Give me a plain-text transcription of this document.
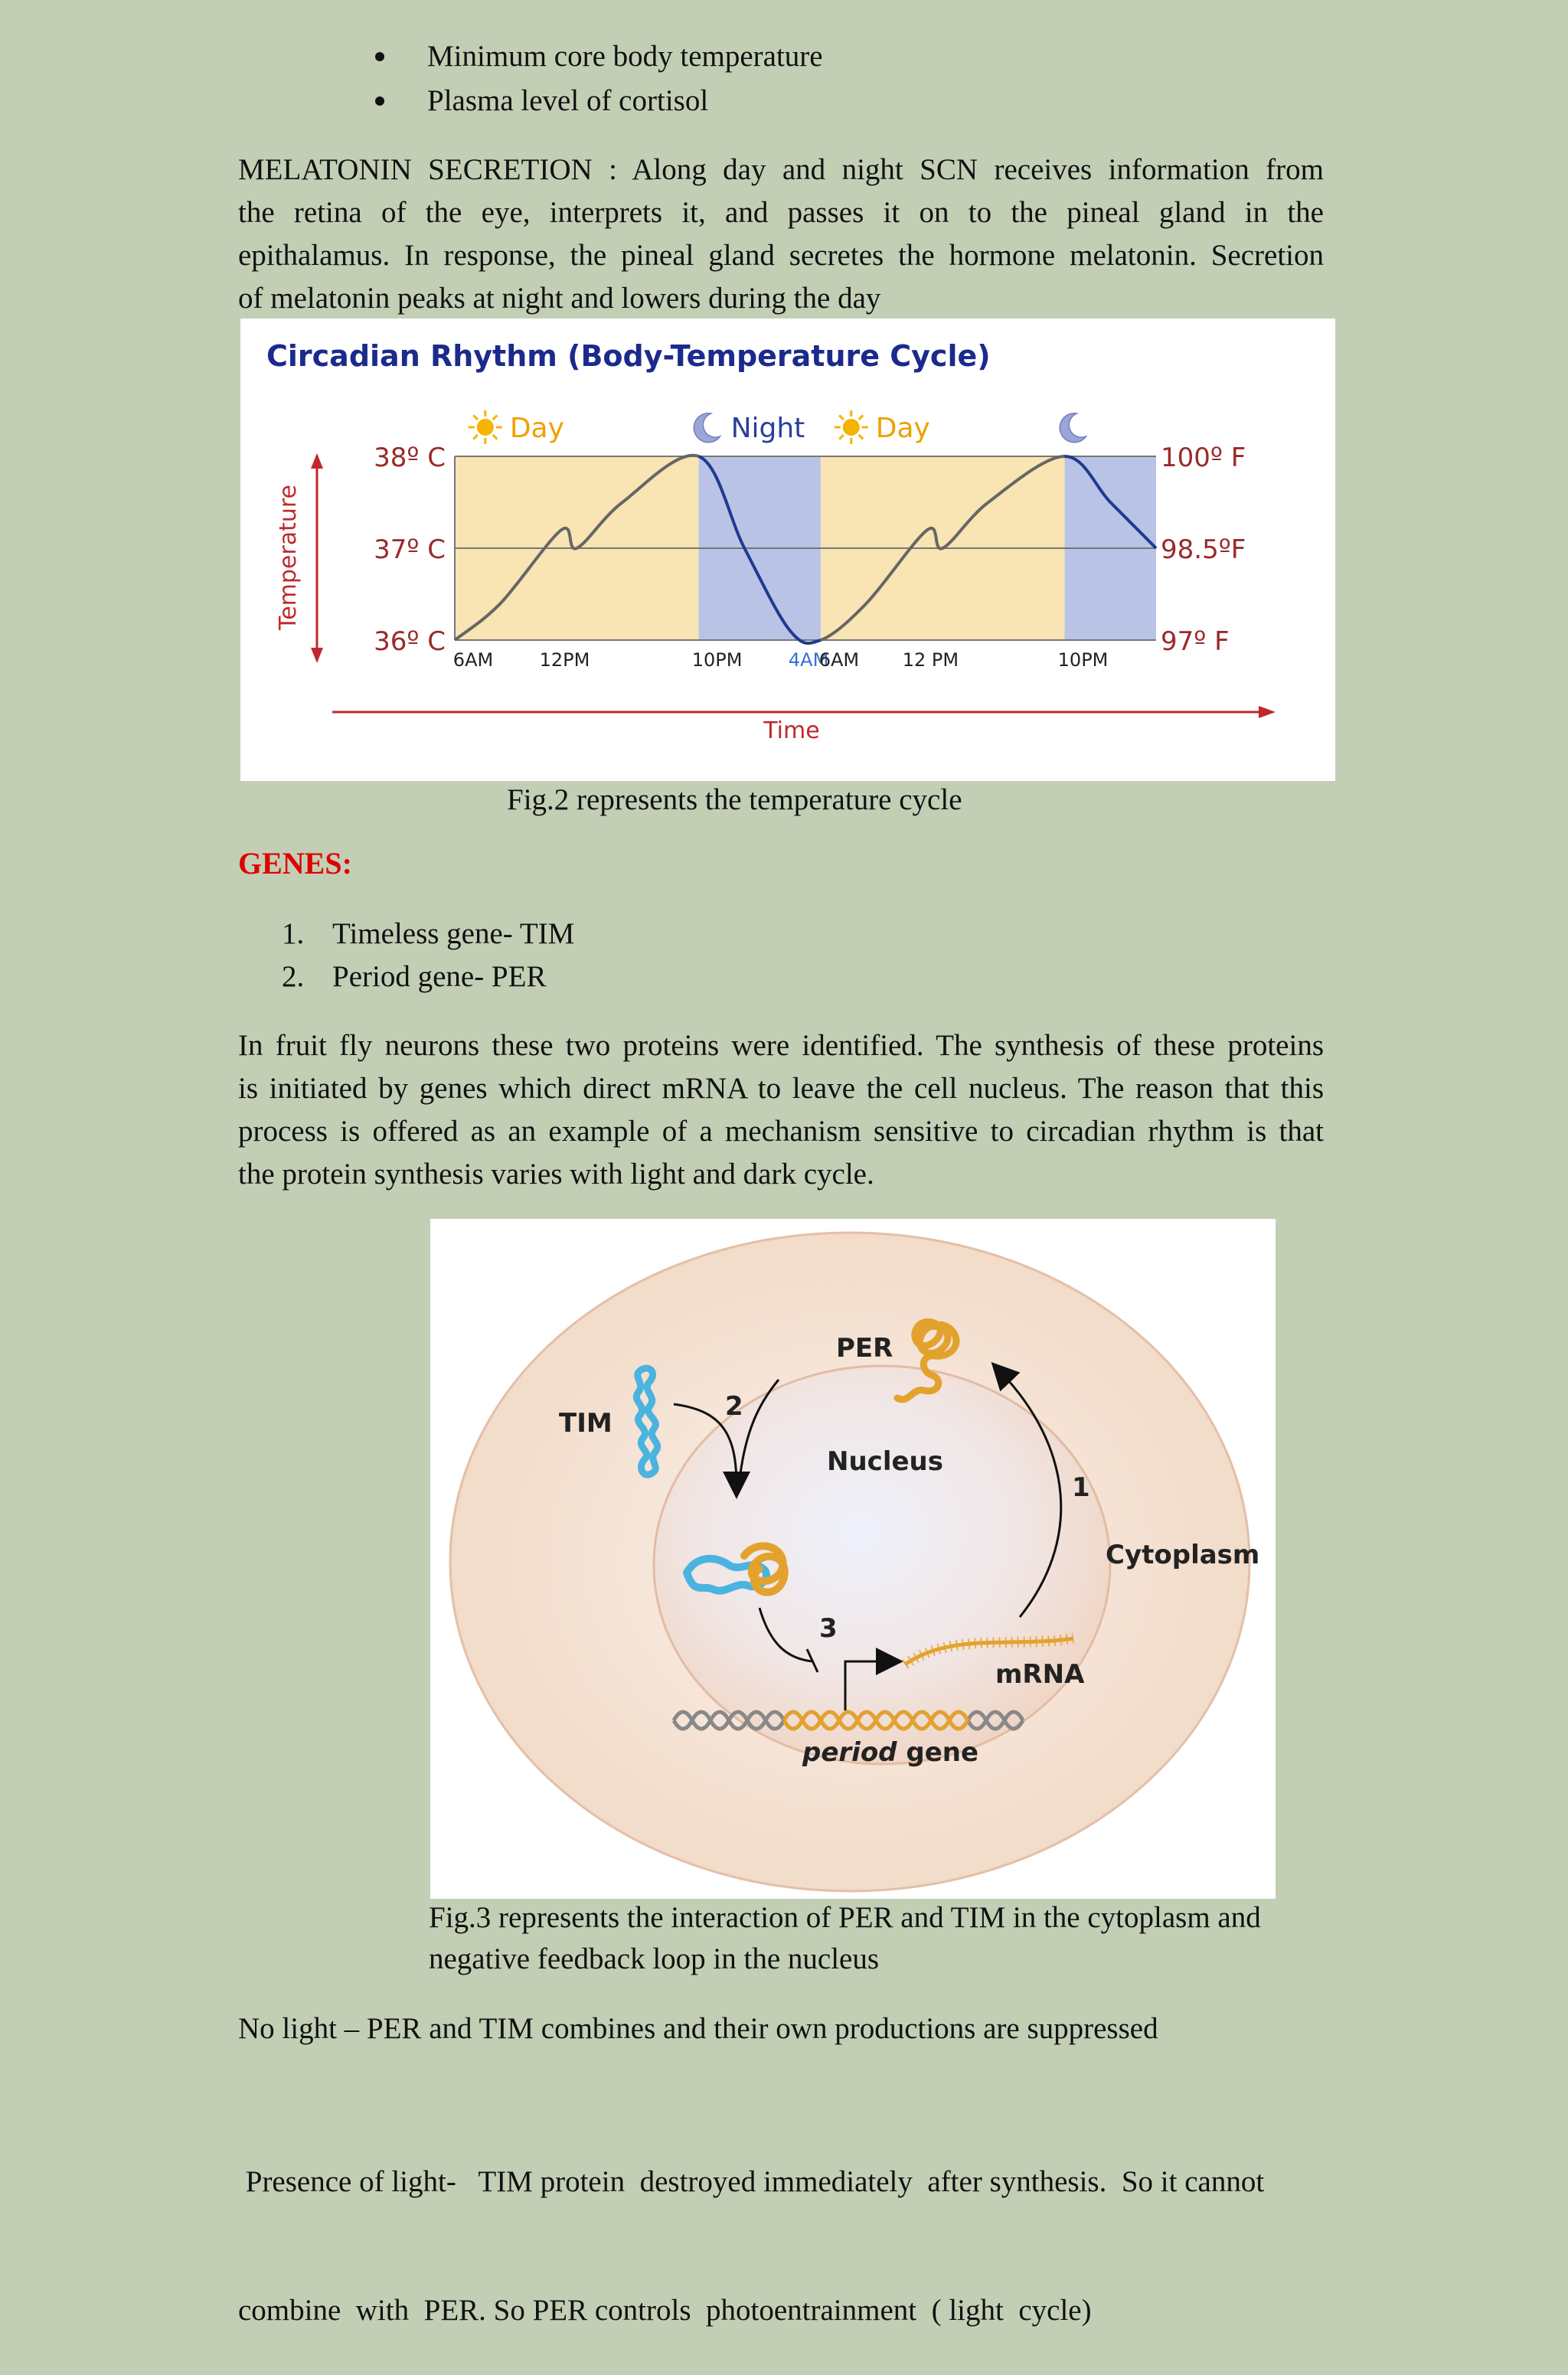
Minimum core body temperature
Plasma level of cortisol
MELATONIN SECRETION : Along day and night SCN receives information from
the retina of the eye, interprets it, and passes it on to the pineal gland in the
epithalamus. In response, the pineal gland secretes the hormone melatonin. Secretion
of melatonin peaks at night and lowers during the day
Circadian Rhythm (Body-Temperature Cycle)
38º C
37º C
36º C
100º F
98.5ºF
97º F
6AM	12PM	10PM	4AM
6AM 12 PM	10PM
Day	Night	Day
Temperature
Time
Fig.2 represents the temperature cycle
GENES:
1. Timeless gene- TIM
2. Period gene- PER
In fruit fly neurons these two proteins were identified. The synthesis of these proteins
is initiated by genes which direct mRNA to leave the cell nucleus. The reason that this
process is offered as an example of a mechanism sensitive to circadian rhythm is that
the protein synthesis varies with light and dark cycle.
PER
TIM
2
Nucleus
Cytoplasm
3
mRNA
1
period gene
Fig.3 represents the interaction of PER and TIM in the cytoplasm and
negative feedback loop in the nucleus
No light – PER and TIM combines and their own productions are suppressed

Presence of light-   TIM protein  destroyed immediately  after synthesis.  So it cannot

combine  with  PER. So PER controls  photoentrainment  ( light  cycle)
